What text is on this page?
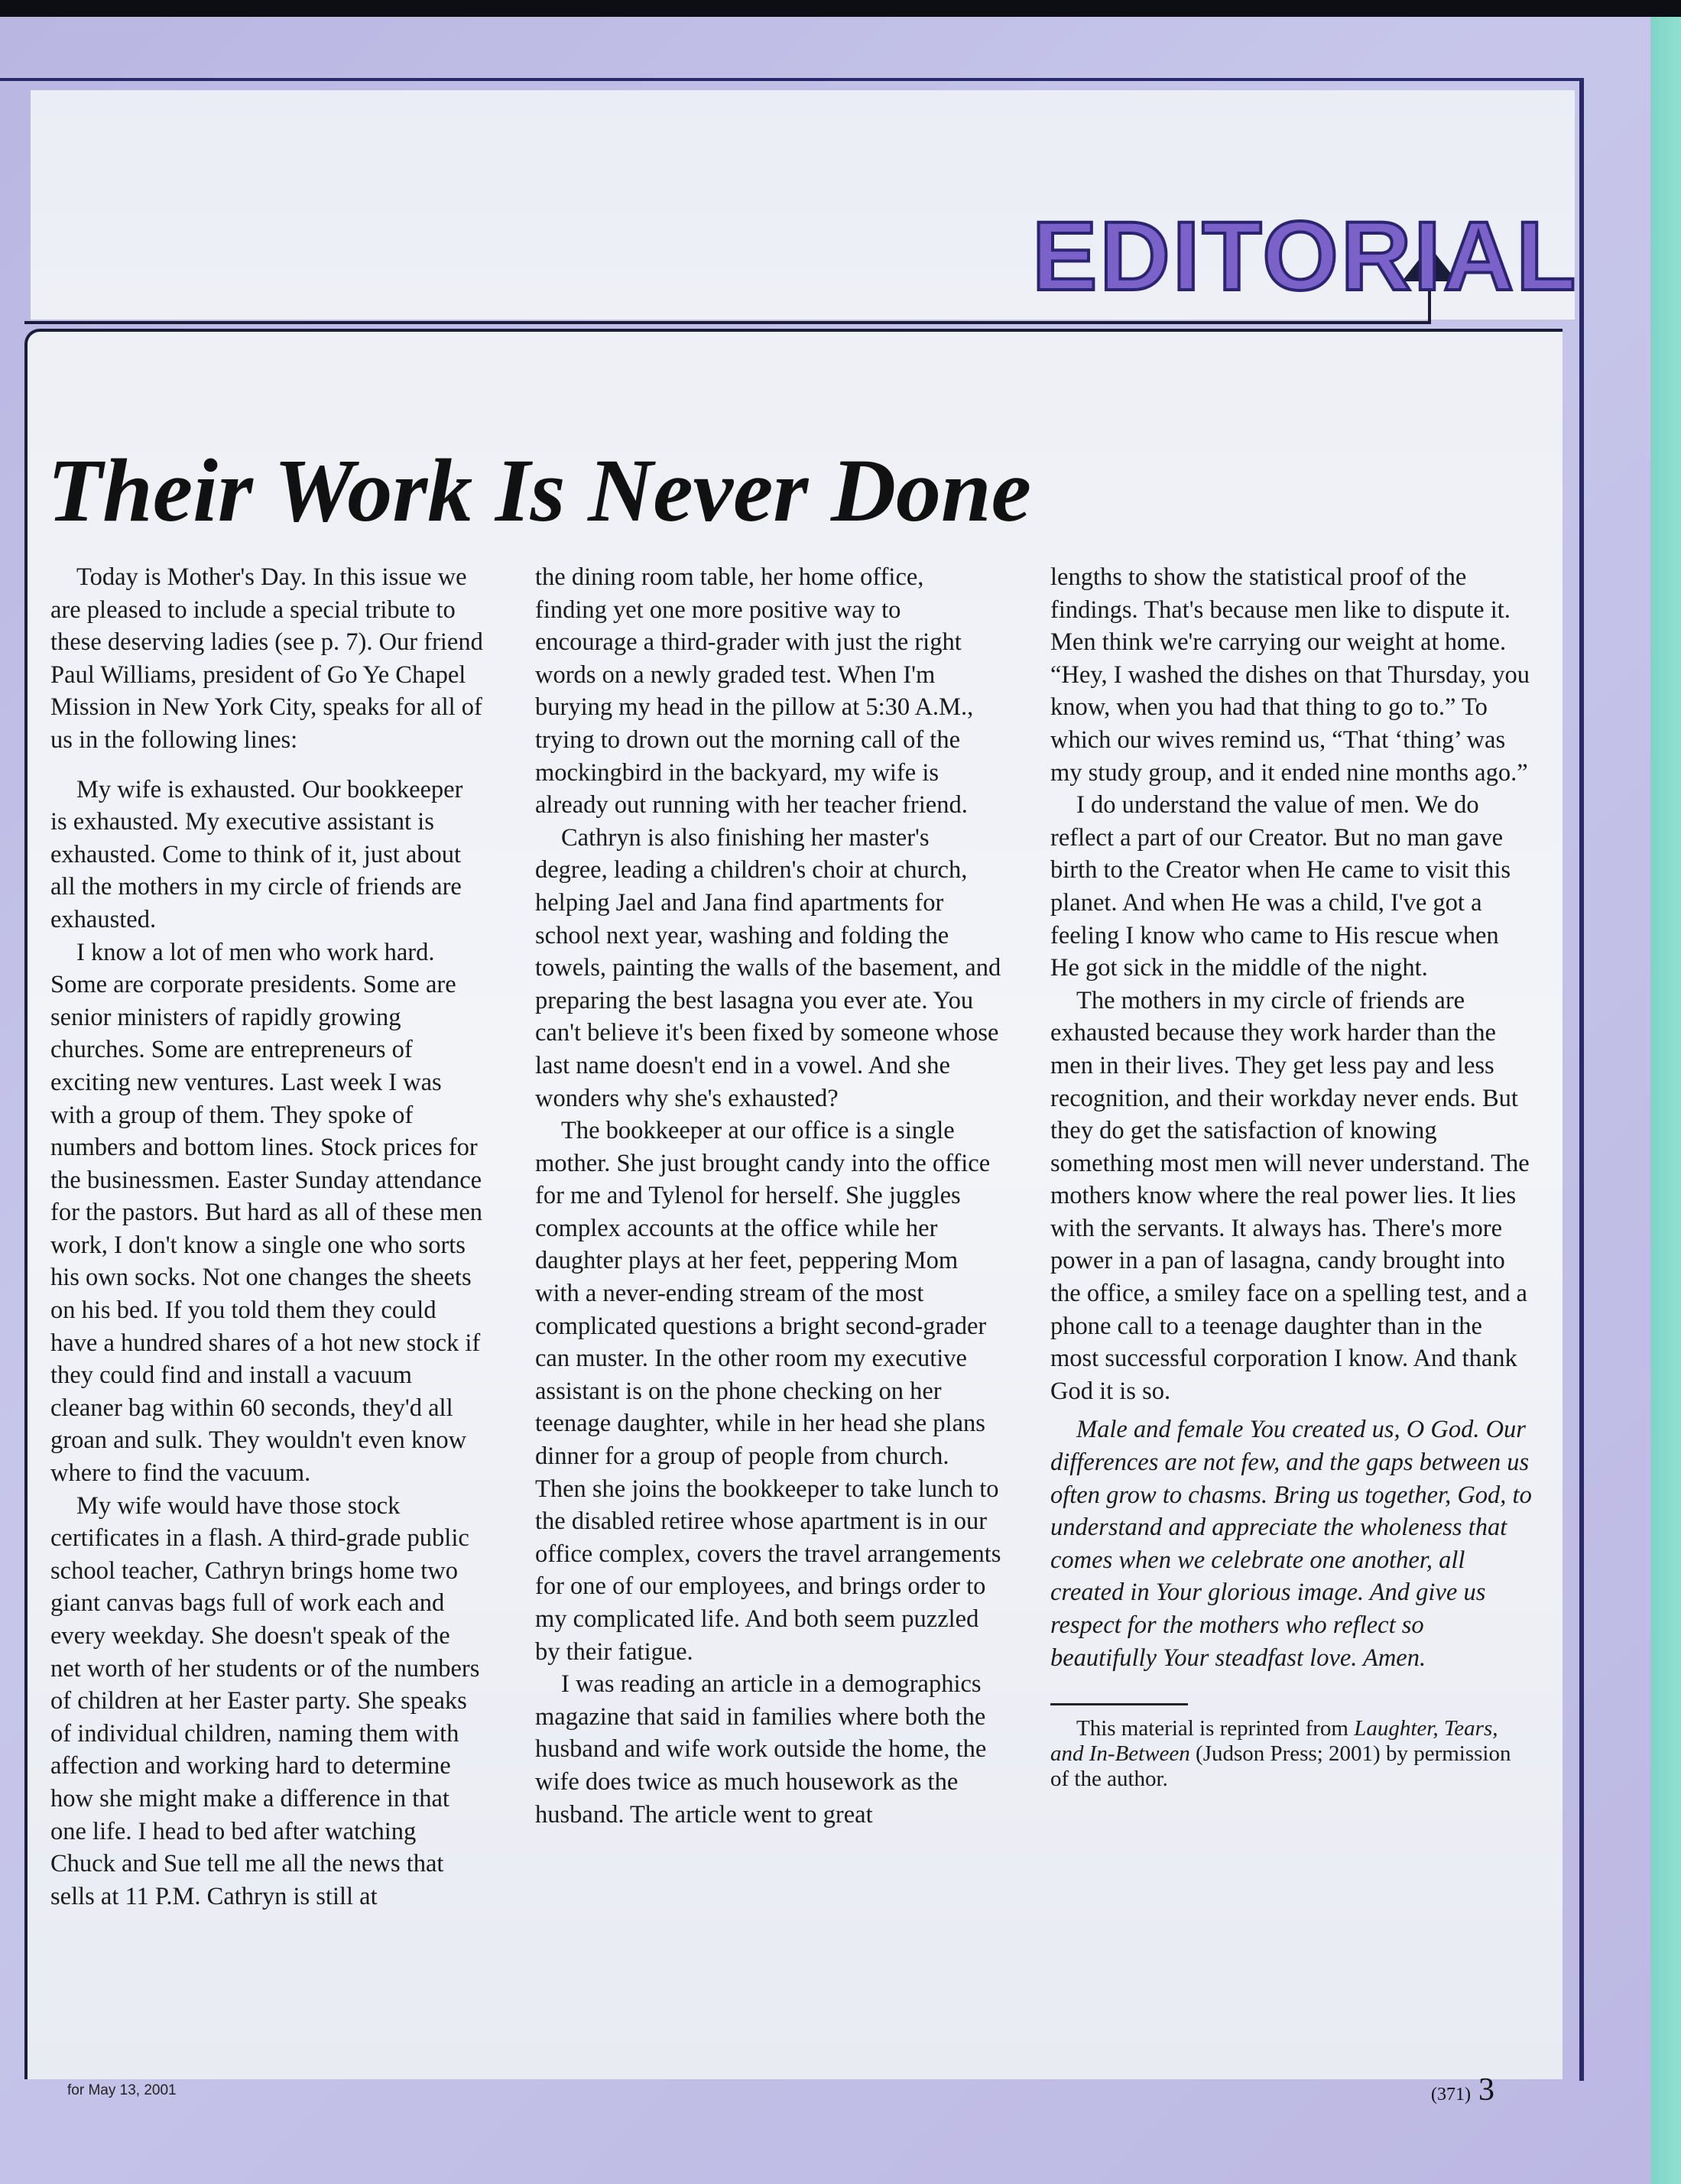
EDITORIAL
Their Work Is Never Done

Today is Mother's Day. In this issue we are pleased to include a special tribute to these deserving ladies (see p. 7). Our friend Paul Williams, president of Go Ye Chapel Mission in New York City, speaks for all of us in the following lines:

My wife is exhausted. Our bookkeeper is exhausted. My executive assistant is exhausted. Come to think of it, just about all the mothers in my circle of friends are exhausted.

I know a lot of men who work hard. Some are corporate presidents. Some are senior ministers of rapidly growing churches. Some are entrepreneurs of exciting new ventures. Last week I was with a group of them. They spoke of numbers and bottom lines. Stock prices for the businessmen. Easter Sunday attendance for the pastors. But hard as all of these men work, I don't know a single one who sorts his own socks. Not one changes the sheets on his bed. If you told them they could have a hundred shares of a hot new stock if they could find and install a vacuum cleaner bag within 60 seconds, they'd all groan and sulk. They wouldn't even know where to find the vacuum.

My wife would have those stock certificates in a flash. A third-grade public school teacher, Cathryn brings home two giant canvas bags full of work each and every weekday. She doesn't speak of the net worth of her students or of the numbers of children at her Easter party. She speaks of individual children, naming them with affection and working hard to determine how she might make a difference in that one life. I head to bed after watching Chuck and Sue tell me all the news that sells at 11 P.M. Cathryn is still at

the dining room table, her home office, finding yet one more positive way to encourage a third-grader with just the right words on a newly graded test. When I'm burying my head in the pillow at 5:30 A.M., trying to drown out the morning call of the mockingbird in the backyard, my wife is already out running with her teacher friend.

Cathryn is also finishing her master's degree, leading a children's choir at church, helping Jael and Jana find apartments for school next year, washing and folding the towels, painting the walls of the basement, and preparing the best lasagna you ever ate. You can't believe it's been fixed by someone whose last name doesn't end in a vowel. And she wonders why she's exhausted?

The bookkeeper at our office is a single mother. She just brought candy into the office for me and Tylenol for herself. She juggles complex accounts at the office while her daughter plays at her feet, peppering Mom with a never-ending stream of the most complicated questions a bright second-grader can muster. In the other room my executive assistant is on the phone checking on her teenage daughter, while in her head she plans dinner for a group of people from church. Then she joins the bookkeeper to take lunch to the disabled retiree whose apartment is in our office complex, covers the travel arrangements for one of our employees, and brings order to my complicated life. And both seem puzzled by their fatigue.

I was reading an article in a demographics magazine that said in families where both the husband and wife work outside the home, the wife does twice as much housework as the husband. The article went to great

lengths to show the statistical proof of the findings. That's because men like to dispute it. Men think we're carrying our weight at home. “Hey, I washed the dishes on that Thursday, you know, when you had that thing to go to.” To which our wives remind us, “That ‘thing’ was my study group, and it ended nine months ago.”

I do understand the value of men. We do reflect a part of our Creator. But no man gave birth to the Creator when He came to visit this planet. And when He was a child, I've got a feeling I know who came to His rescue when He got sick in the middle of the night.

The mothers in my circle of friends are exhausted because they work harder than the men in their lives. They get less pay and less recognition, and their workday never ends. But they do get the satisfaction of knowing something most men will never understand. The mothers know where the real power lies. It lies with the servants. It always has. There's more power in a pan of lasagna, candy brought into the office, a smiley face on a spelling test, and a phone call to a teenage daughter than in the most successful corporation I know. And thank God it is so.

Male and female You created us, O God. Our differences are not few, and the gaps between us often grow to chasms. Bring us together, God, to understand and appreciate the wholeness that comes when we celebrate one another, all created in Your glorious image. And give us respect for the mothers who reflect so beautifully Your steadfast love. Amen.

This material is reprinted from Laughter, Tears, and In-Between (Judson Press; 2001) by permission of the author.

for May 13, 2001	(371) 3
